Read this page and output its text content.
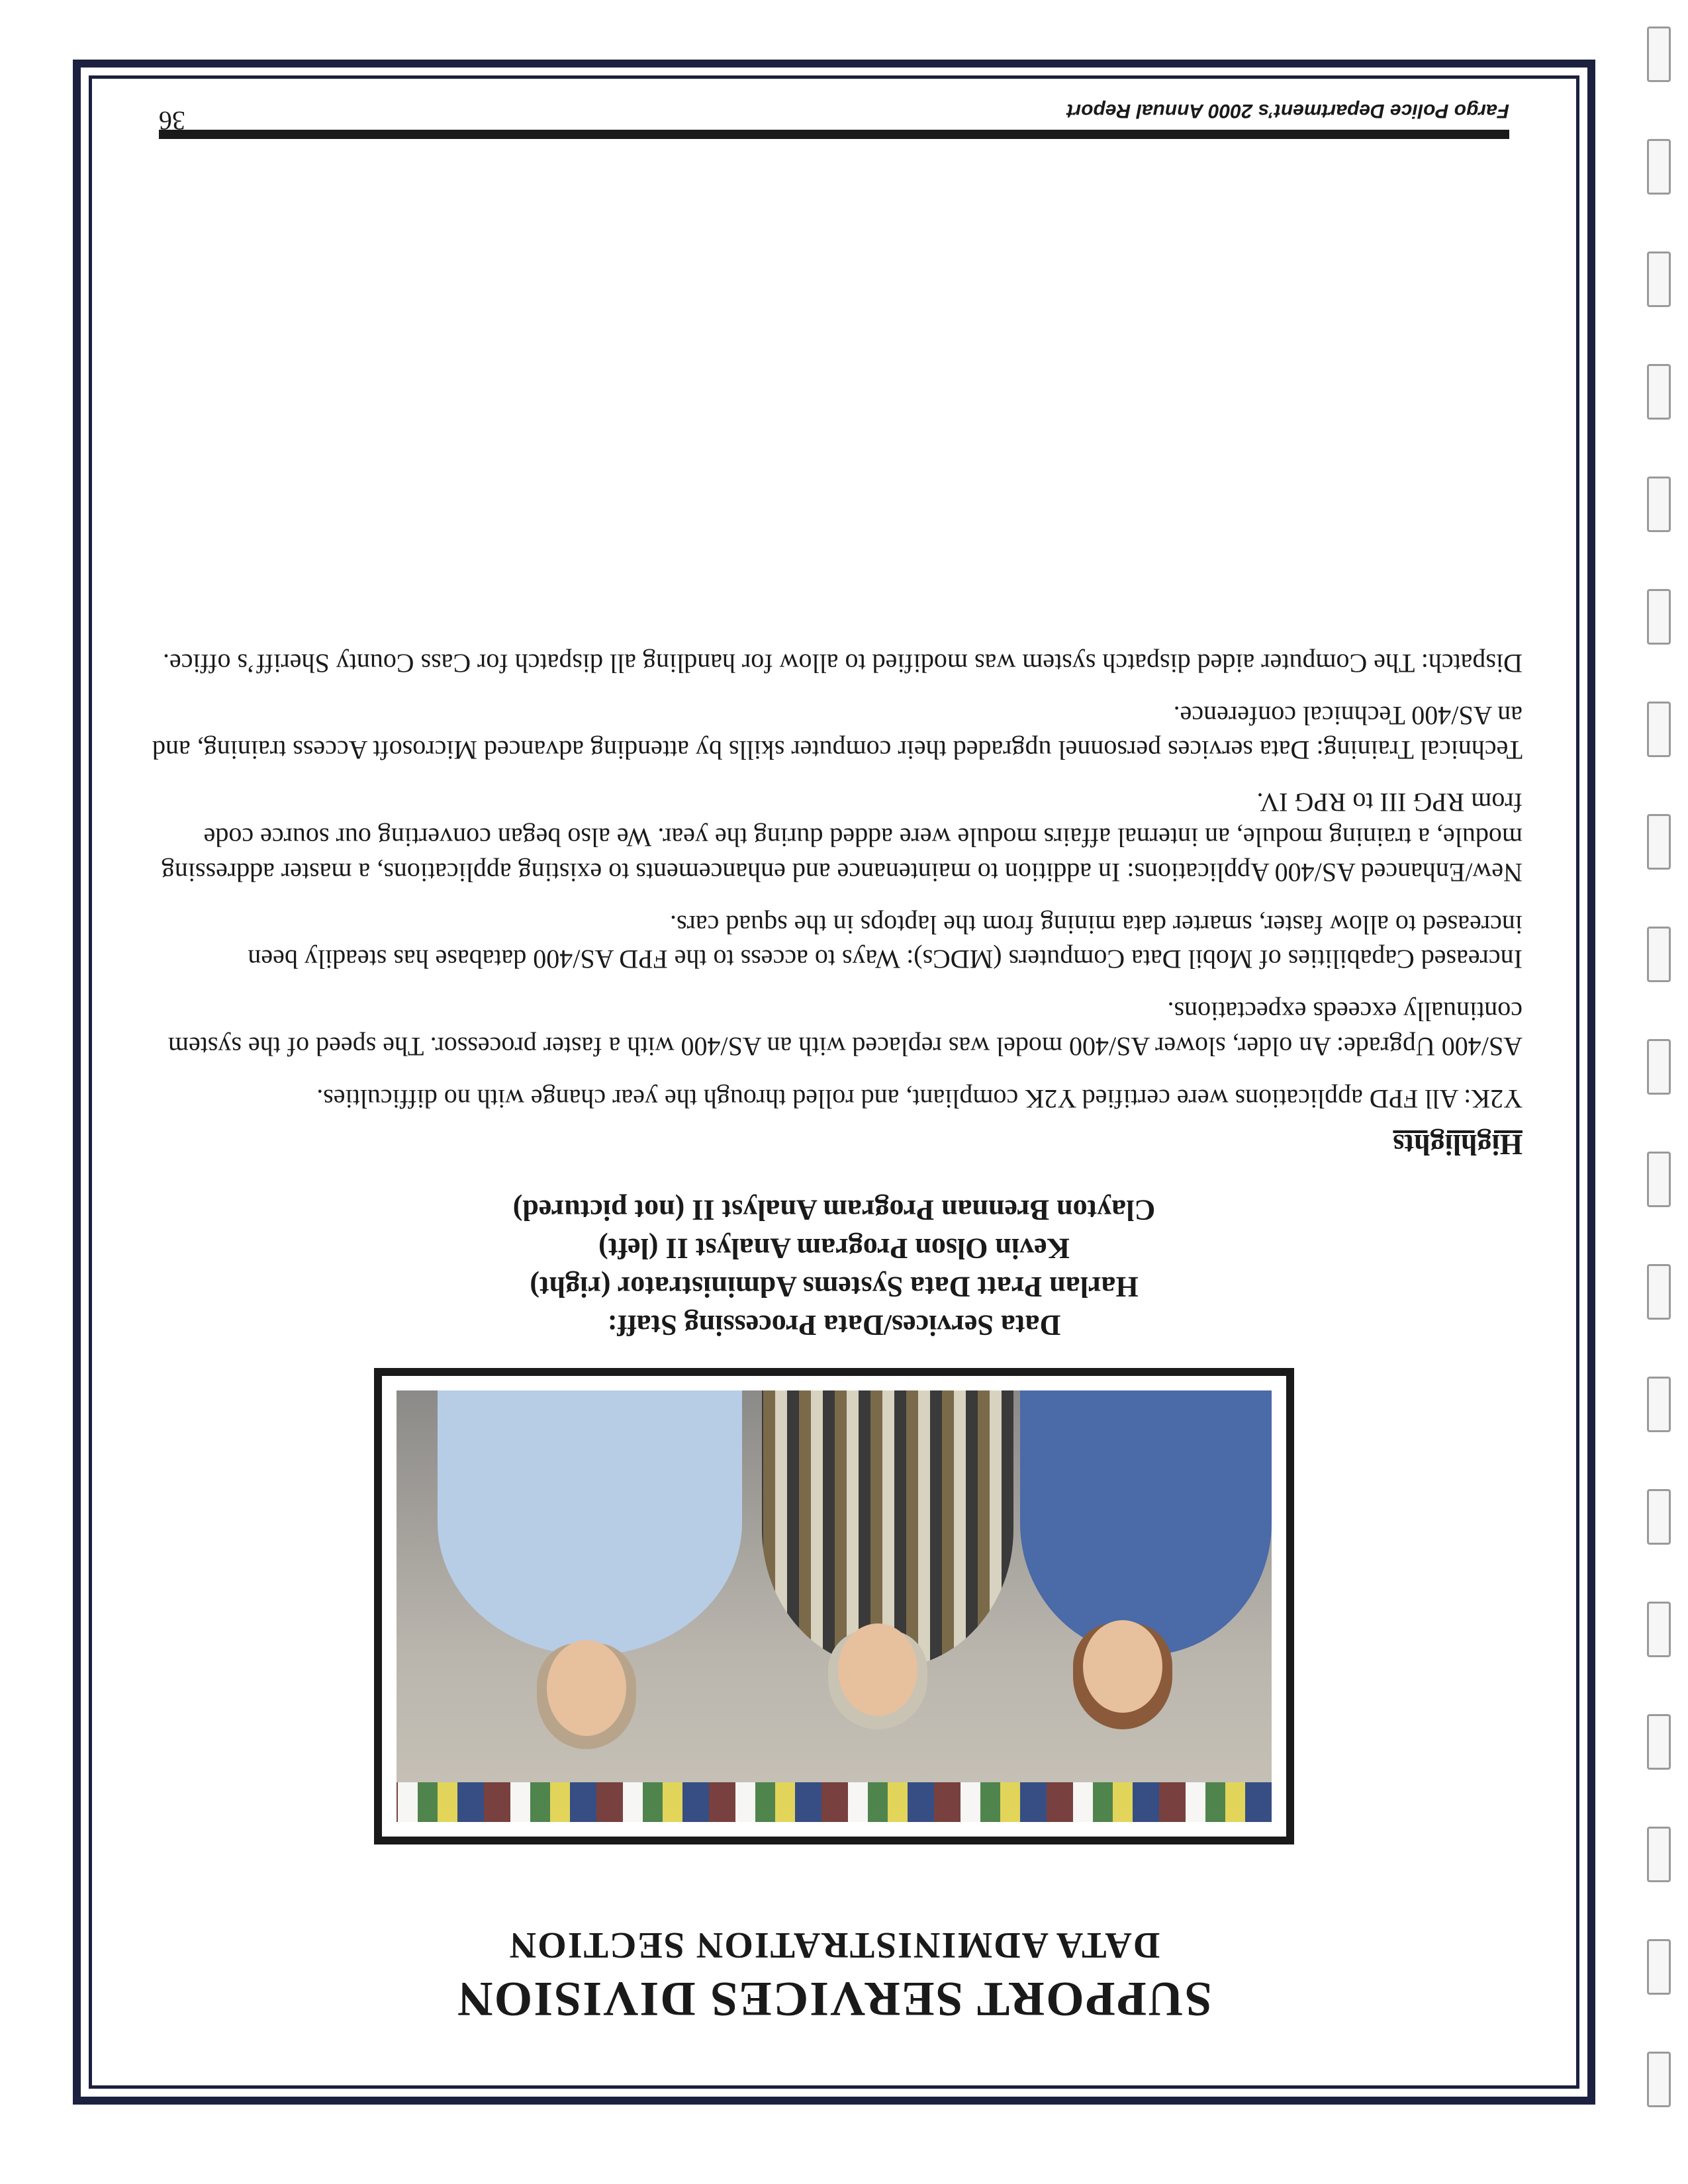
SUPPORT SERVICES DIVISION
DATA ADMINISTRATION SECTION
Data Services/Data Processing Staff:
Harlan Pratt Data Systems Administrator (right)
Kevin Olson Program Analyst II (left)
Clayton Brennan Program Analyst II (not pictured)
Highlights

Y2K: All FPD applications were certified Y2K compliant, and rolled through the year change with no difficulties.

AS/400 Upgrade: An older, slower AS/400 model was replaced with an AS/400 with a faster processor. The speed of the system continually exceeds expectations.

Increased Capabilities of Mobil Data Computers (MDCs): Ways to access to the FPD AS/400 database has steadily been increased to allow faster, smarter data mining from the laptops in the squad cars.

New/Enhanced AS/400 Applications: In addition to maintenance and enhancements to existing applications, a master addressing module, a training module, an internal affairs module were added during the year. We also began converting our source code from RPG III to RPG IV.

Technical Training: Data services personnel upgraded their computer skills by attending advanced Microsoft Access training, and an AS/400 Technical conference.

Dispatch: The Computer aided dispatch system was modified to allow for handling all dispatch for Cass County Sheriff’s office.

Fargo Police Department’s 2000 Annual Report
36
